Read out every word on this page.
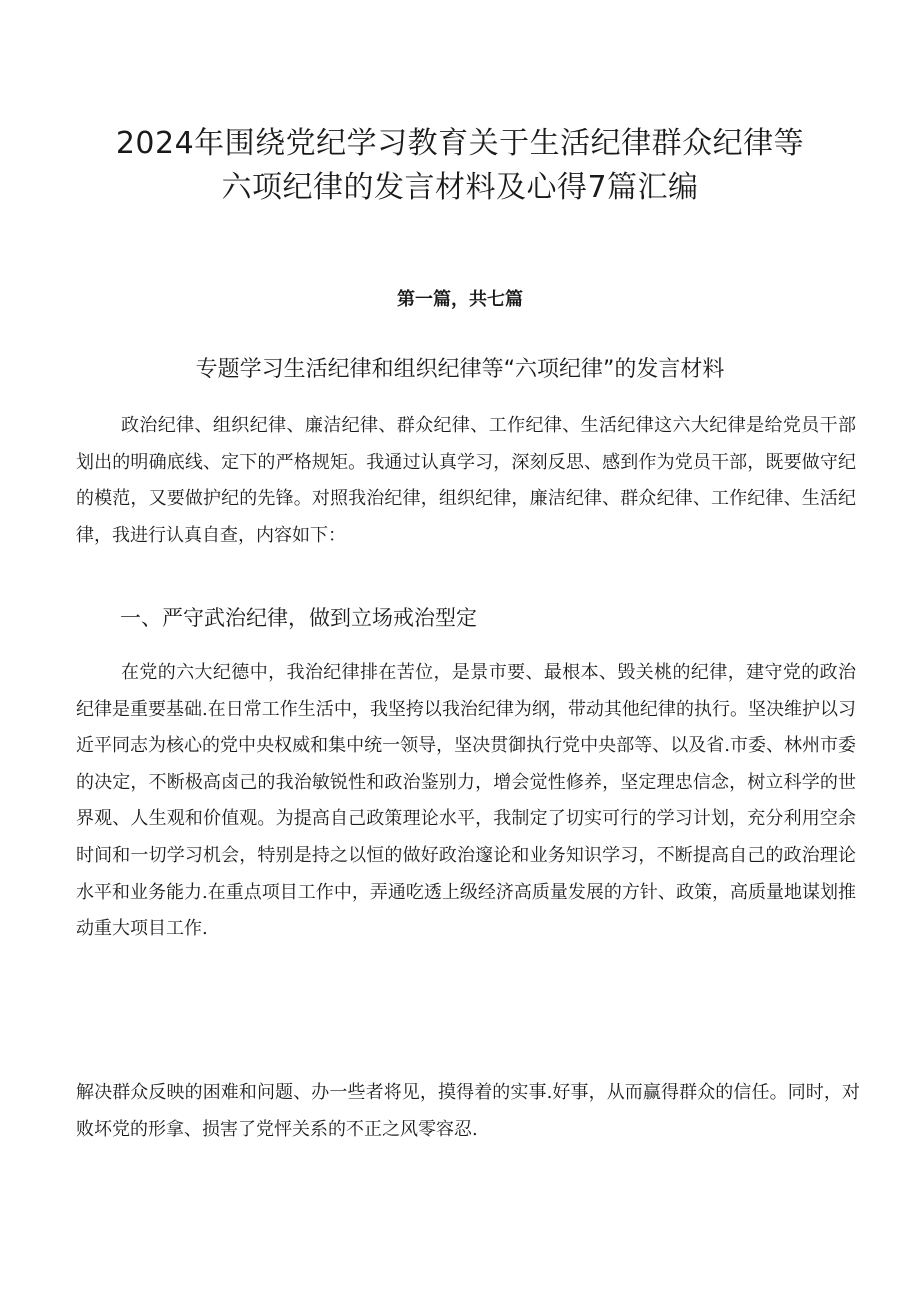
2024年围绕党纪学习教育关于生活纪律群众纪律等
六项纪律的发言材料及心得7篇汇编
第一篇，共七篇
专题学习生活纪律和组织纪律等“六项纪律”的发言材料

政治纪律、组织纪律、廉洁纪律、群众纪律、工作纪律、生活纪律这六大纪律是给党员干部划出的明确底线、定下的严格规矩。我通过认真学习，深刻反思、感到作为党员干部，既要做守纪的模范，又要做护纪的先锋。对照我治纪律，组织纪律，廉洁纪律、群众纪律、工作纪律、生活纪律，我进行认真自查，内容如下：

一、严守武治纪律，做到立场戒治型定

在党的六大纪德中，我治纪律排在苦位，是景市要、最根本、毁关桃的纪律，建守党的政治纪律是重要基础.在日常工作生活中，我坚挎以我治纪律为纲，带动其他纪律的执行。坚决维护以习近平同志为核心的党中央权威和集中统一领导，坚决贯御执行党中央部等、以及省.市委、林州市委的决定，不断极高卤己的我治敏锐性和政治鉴别力，增会觉性修养，坚定理忠信念，树立科学的世界观、人生观和价值观。为提高自己政策理论水平，我制定了切实可行的学习计划，充分利用空余时间和一切学习机会，特别是持之以恒的做好政治邃论和业务知识学习，不断提高自己的政治理论水平和业务能力.在重点项目工作中，弄通吃透上级经济高质量发展的方针、政策，高质量地谋划推动重大项目工作.

解决群众反映的困难和问题、办一些者将见，摸得着的实事.好事，从而赢得群众的信任。同时，对败坏党的形拿、损害了党怦关系的不正之风零容忍.
